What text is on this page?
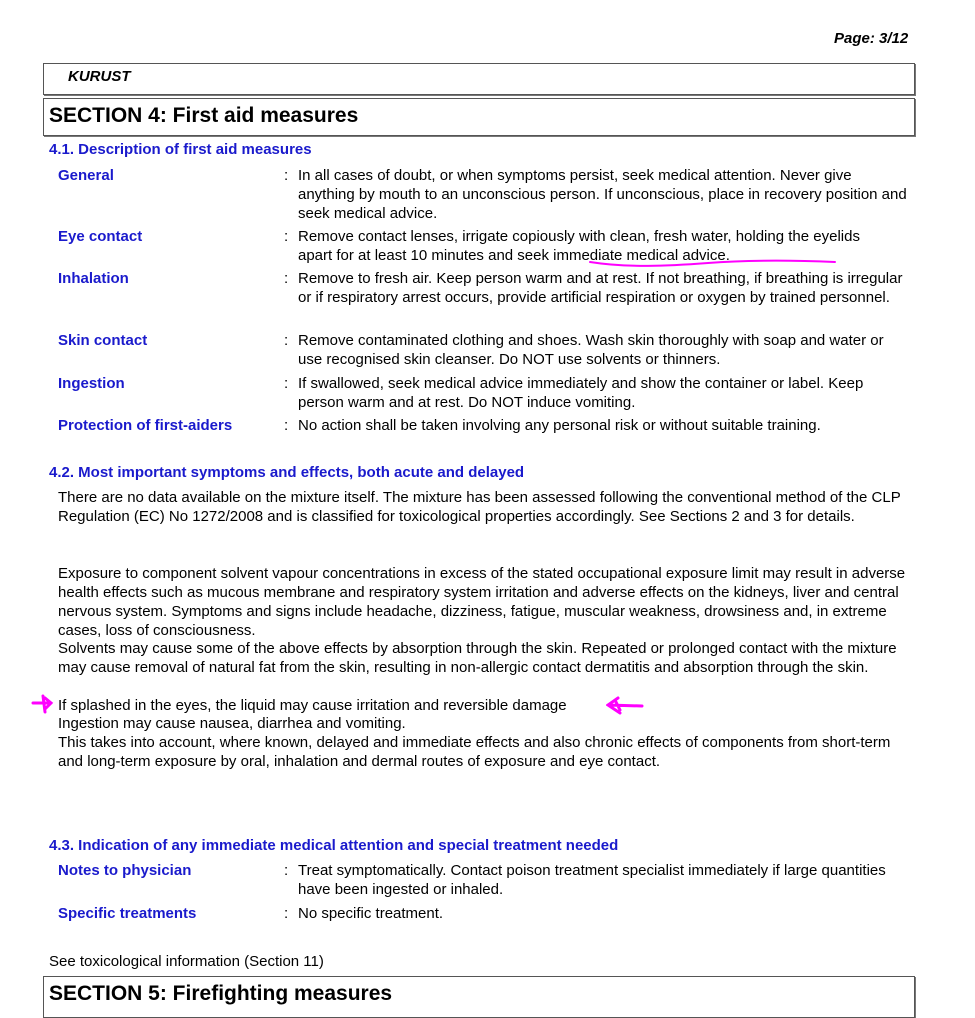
Page: 3/12
KURUST
SECTION 4: First aid measures
4.1. Description of first aid measures
General	: In all cases of doubt, or when symptoms persist, seek medical attention. Never give anything by mouth to an unconscious person. If unconscious, place in recovery position and seek medical advice.
Eye contact	: Remove contact lenses, irrigate copiously with clean, fresh water, holding the eyelids apart for at least 10 minutes and seek immediate medical advice.
Inhalation	: Remove to fresh air. Keep person warm and at rest. If not breathing, if breathing is irregular or if respiratory arrest occurs, provide artificial respiration or oxygen by trained personnel.
Skin contact	: Remove contaminated clothing and shoes. Wash skin thoroughly with soap and water or use recognised skin cleanser. Do NOT use solvents or thinners.
Ingestion	: If swallowed, seek medical advice immediately and show the container or label. Keep person warm and at rest. Do NOT induce vomiting.
Protection of first-aiders	: No action shall be taken involving any personal risk or without suitable training.
4.2. Most important symptoms and effects, both acute and delayed
There are no data available on the mixture itself. The mixture has been assessed following the conventional method of the CLP Regulation (EC) No 1272/2008 and is classified for toxicological properties accordingly. See Sections 2 and 3 for details.
Exposure to component solvent vapour concentrations in excess of the stated occupational exposure limit may result in adverse health effects such as mucous membrane and respiratory system irritation and adverse effects on the kidneys, liver and central nervous system. Symptoms and signs include headache, dizziness, fatigue, muscular weakness, drowsiness and, in extreme cases, loss of consciousness.
Solvents may cause some of the above effects by absorption through the skin. Repeated or prolonged contact with the mixture may cause removal of natural fat from the skin, resulting in non-allergic contact dermatitis and absorption through the skin.
If splashed in the eyes, the liquid may cause irritation and reversible damage
Ingestion may cause nausea, diarrhea and vomiting.
This takes into account, where known, delayed and immediate effects and also chronic effects of components from short-term and long-term exposure by oral, inhalation and dermal routes of exposure and eye contact.
4.3. Indication of any immediate medical attention and special treatment needed
Notes to physician	: Treat symptomatically. Contact poison treatment specialist immediately if large quantities have been ingested or inhaled.
Specific treatments	: No specific treatment.
See toxicological information (Section 11)
SECTION 5: Firefighting measures
